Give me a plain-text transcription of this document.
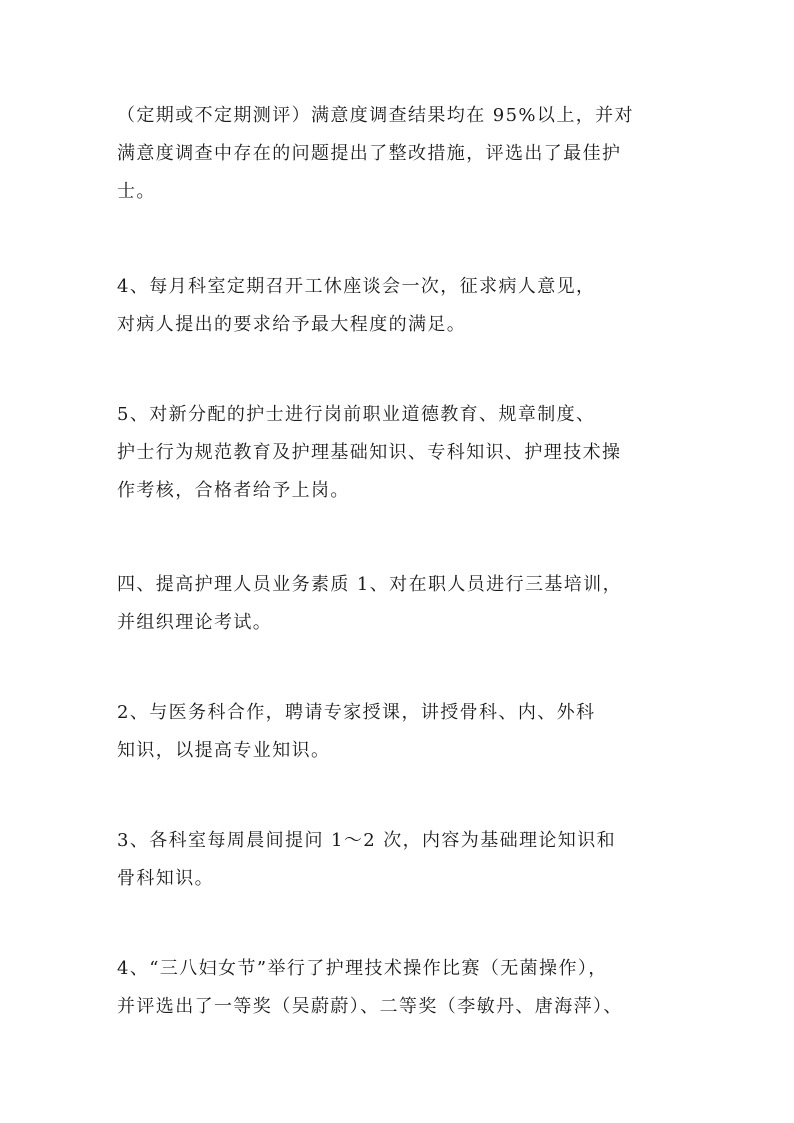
（定期或不定期测评）满意度调查结果均在 95%以上，并对
满意度调查中存在的问题提出了整改措施，评选出了最佳护
士。
4、每月科室定期召开工休座谈会一次，征求病人意见，
对病人提出的要求给予最大程度的满足。
5、对新分配的护士进行岗前职业道德教育、规章制度、
护士行为规范教育及护理基础知识、专科知识、护理技术操
作考核，合格者给予上岗。
四、提高护理人员业务素质 1、对在职人员进行三基培训，
并组织理论考试。
2、与医务科合作，聘请专家授课，讲授骨科、内、外科
知识，以提高专业知识。
3、各科室每周晨间提问 1～2 次，内容为基础理论知识和
骨科知识。
4、“三八妇女节”举行了护理技术操作比赛（无菌操作），
并评选出了一等奖（吴蔚蔚）、二等奖（李敏丹、唐海萍）、
